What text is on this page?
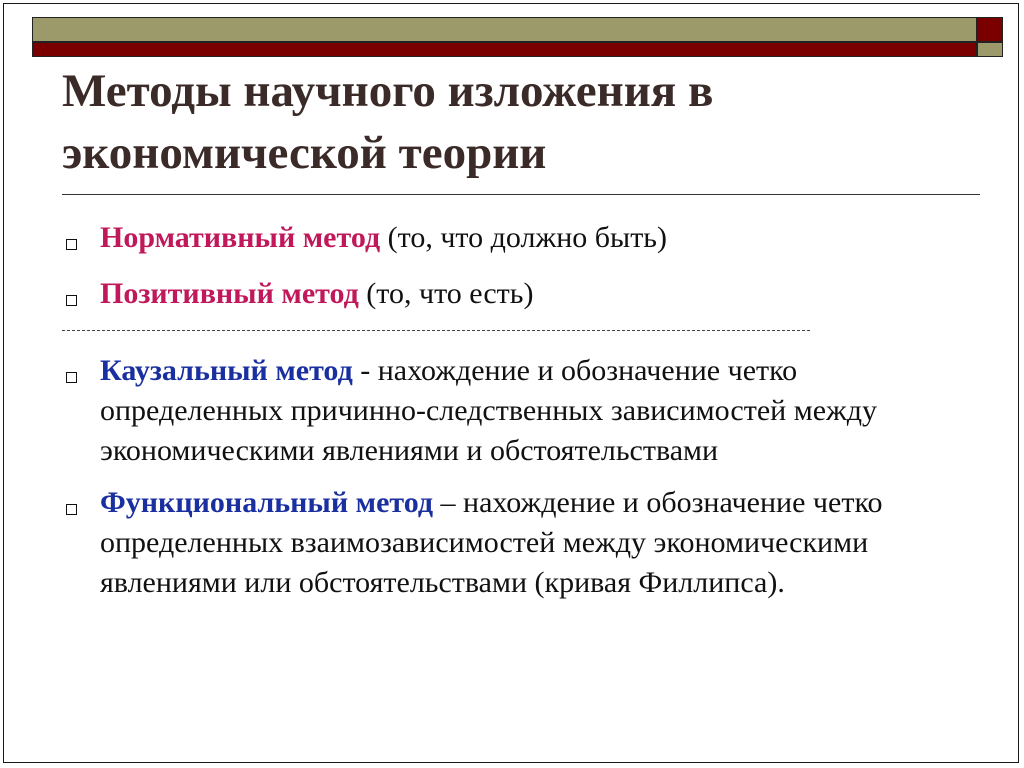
Методы научного изложения в
экономической теории
Нормативный метод (то, что должно быть)
Позитивный метод (то, что есть)
Каузальный метод - нахождение и обозначение четко определенных причинно-следственных зависимостей между экономическими явлениями и обстоятельствами
Функциональный метод – нахождение и обозначение четко определенных взаимозависимостей между экономическими явлениями или обстоятельствами (кривая Филлипса).
